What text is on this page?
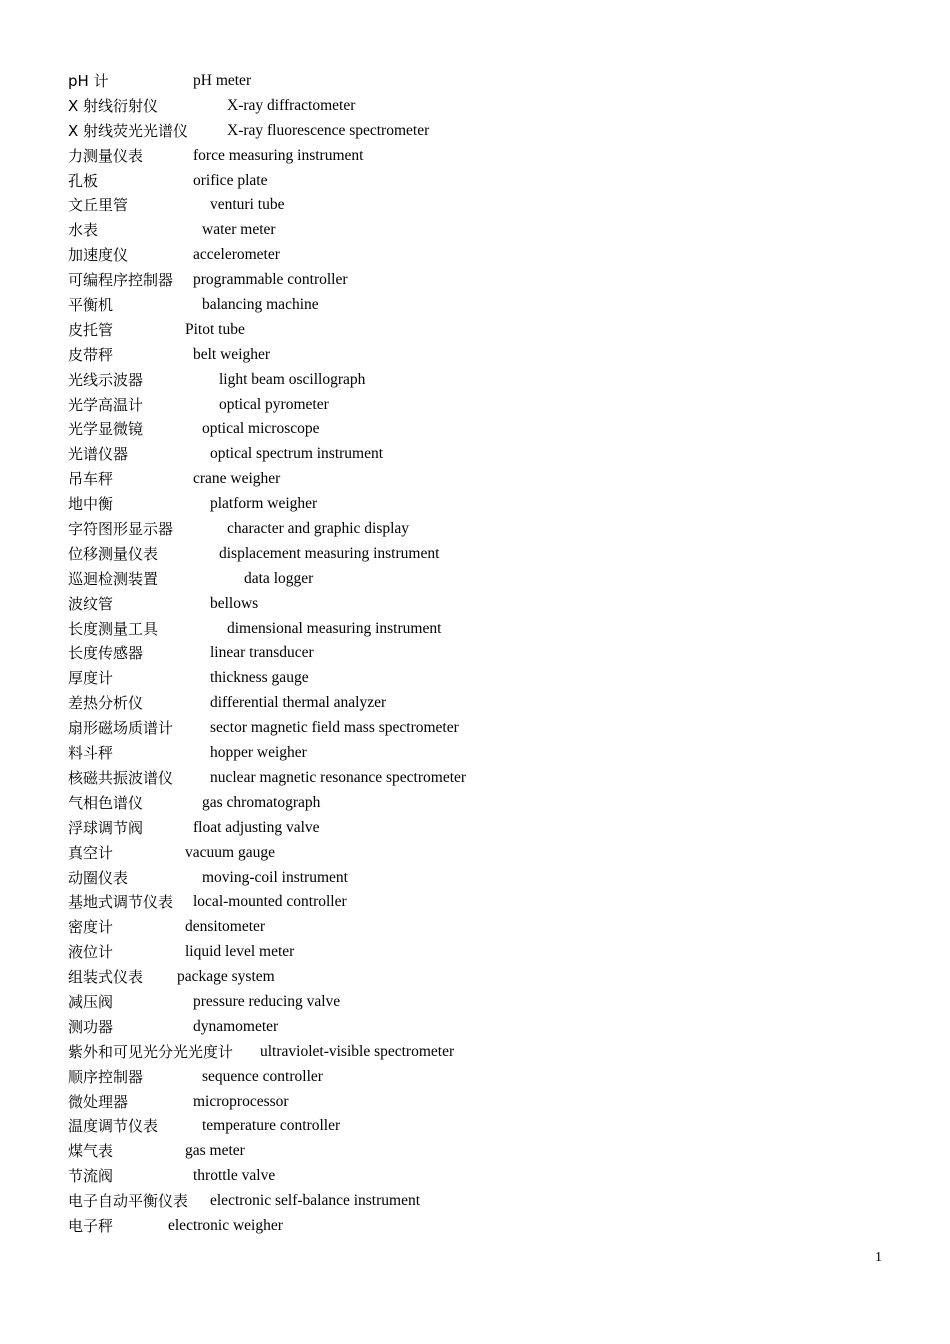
pH 计	pH meter
X 射线衍射仪	X-ray diffractometer
X 射线荧光光谱仪	X-ray fluorescence spectrometer
力测量仪表	force measuring instrument
孔板	orifice plate
文丘里管	venturi tube
水表	water meter
加速度仪	accelerometer
可编程序控制器 programmable controller
平衡机	balancing machine
皮托管	Pitot tube
皮带秤	belt weigher
光线示波器	light beam oscillograph
光学高温计	optical pyrometer
光学显微镜	optical microscope
光谱仪器	optical spectrum instrument
吊车秤	crane weigher
地中衡	platform weigher
字符图形显示器	character and graphic display
位移测量仪表	displacement measuring instrument
巡迴检测装置	data logger
波纹管	bellows
长度测量工具	dimensional measuring instrument
长度传感器	linear transducer
厚度计	thickness gauge
差热分析仪	differential thermal analyzer
扇形磁场质谱计 sector magnetic field mass spectrometer
料斗秤	hopper weigher
核磁共振波谱仪 nuclear magnetic resonance spectrometer
气相色谱仪	gas chromatograph
浮球调节阀	float adjusting valve
真空计	vacuum gauge
动圈仪表	moving-coil instrument
基地式调节仪表 local-mounted controller
密度计	densitometer
液位计	liquid level meter
组装式仪表 package system
减压阀	pressure reducing valve
测功器	dynamometer
紫外和可见光分光光度计 ultraviolet-visible spectrometer
顺序控制器	sequence controller
微处理器	microprocessor
温度调节仪表	temperature controller
煤气表	gas meter
节流阀	throttle valve
电子自动平衡仪表 electronic self-balance instrument
电子秤	electronic weigher
1
